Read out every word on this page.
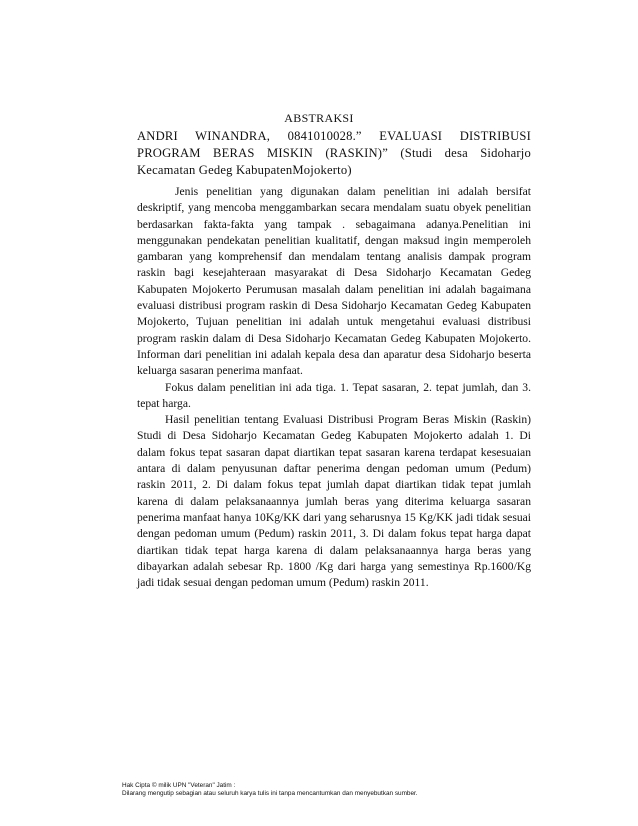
ABSTRAKSI
ANDRI WINANDRA, 0841010028.” EVALUASI DISTRIBUSI PROGRAM BERAS MISKIN (RASKIN)” (Studi desa Sidoharjo Kecamatan Gedeg KabupatenMojokerto)

Jenis penelitian yang digunakan dalam penelitian ini adalah bersifat deskriptif, yang mencoba menggambarkan secara mendalam suatu obyek penelitian berdasarkan fakta-fakta yang tampak . sebagaimana adanya.Penelitian ini menggunakan pendekatan penelitian kualitatif, dengan maksud ingin memperoleh gambaran yang komprehensif dan mendalam tentang analisis dampak program raskin bagi kesejahteraan masyarakat di Desa Sidoharjo Kecamatan Gedeg Kabupaten Mojokerto Perumusan masalah dalam penelitian ini adalah bagaimana evaluasi distribusi program raskin di Desa Sidoharjo Kecamatan Gedeg Kabupaten Mojokerto, Tujuan penelitian ini adalah untuk mengetahui evaluasi distribusi program raskin dalam di Desa Sidoharjo Kecamatan Gedeg Kabupaten Mojokerto. Informan dari penelitian ini adalah kepala desa dan aparatur desa Sidoharjo beserta keluarga sasaran penerima manfaat.

Fokus dalam penelitian ini ada tiga. 1. Tepat sasaran, 2. tepat jumlah, dan 3. tepat harga.

Hasil penelitian tentang Evaluasi Distribusi Program Beras Miskin (Raskin) Studi di Desa Sidoharjo Kecamatan Gedeg Kabupaten Mojokerto adalah 1. Di dalam fokus tepat sasaran dapat diartikan tepat sasaran karena terdapat kesesuaian antara di dalam penyusunan daftar penerima dengan pedoman umum (Pedum) raskin 2011, 2. Di dalam fokus tepat jumlah dapat diartikan tidak tepat jumlah karena di dalam pelaksanaannya jumlah beras yang diterima keluarga sasaran penerima manfaat hanya 10Kg/KK dari yang seharusnya 15 Kg/KK jadi tidak sesuai dengan pedoman umum (Pedum) raskin 2011, 3. Di dalam fokus tepat harga dapat diartikan tidak tepat harga karena di dalam pelaksanaannya harga beras yang dibayarkan adalah sebesar Rp. 1800 /Kg dari harga yang semestinya Rp.1600/Kg jadi tidak sesuai dengan pedoman umum (Pedum) raskin 2011.

Hak Cipta © milik UPN "Veteran" Jatim :
Dilarang mengutip sebagian atau seluruh karya tulis ini tanpa mencantumkan dan menyebutkan sumber.
